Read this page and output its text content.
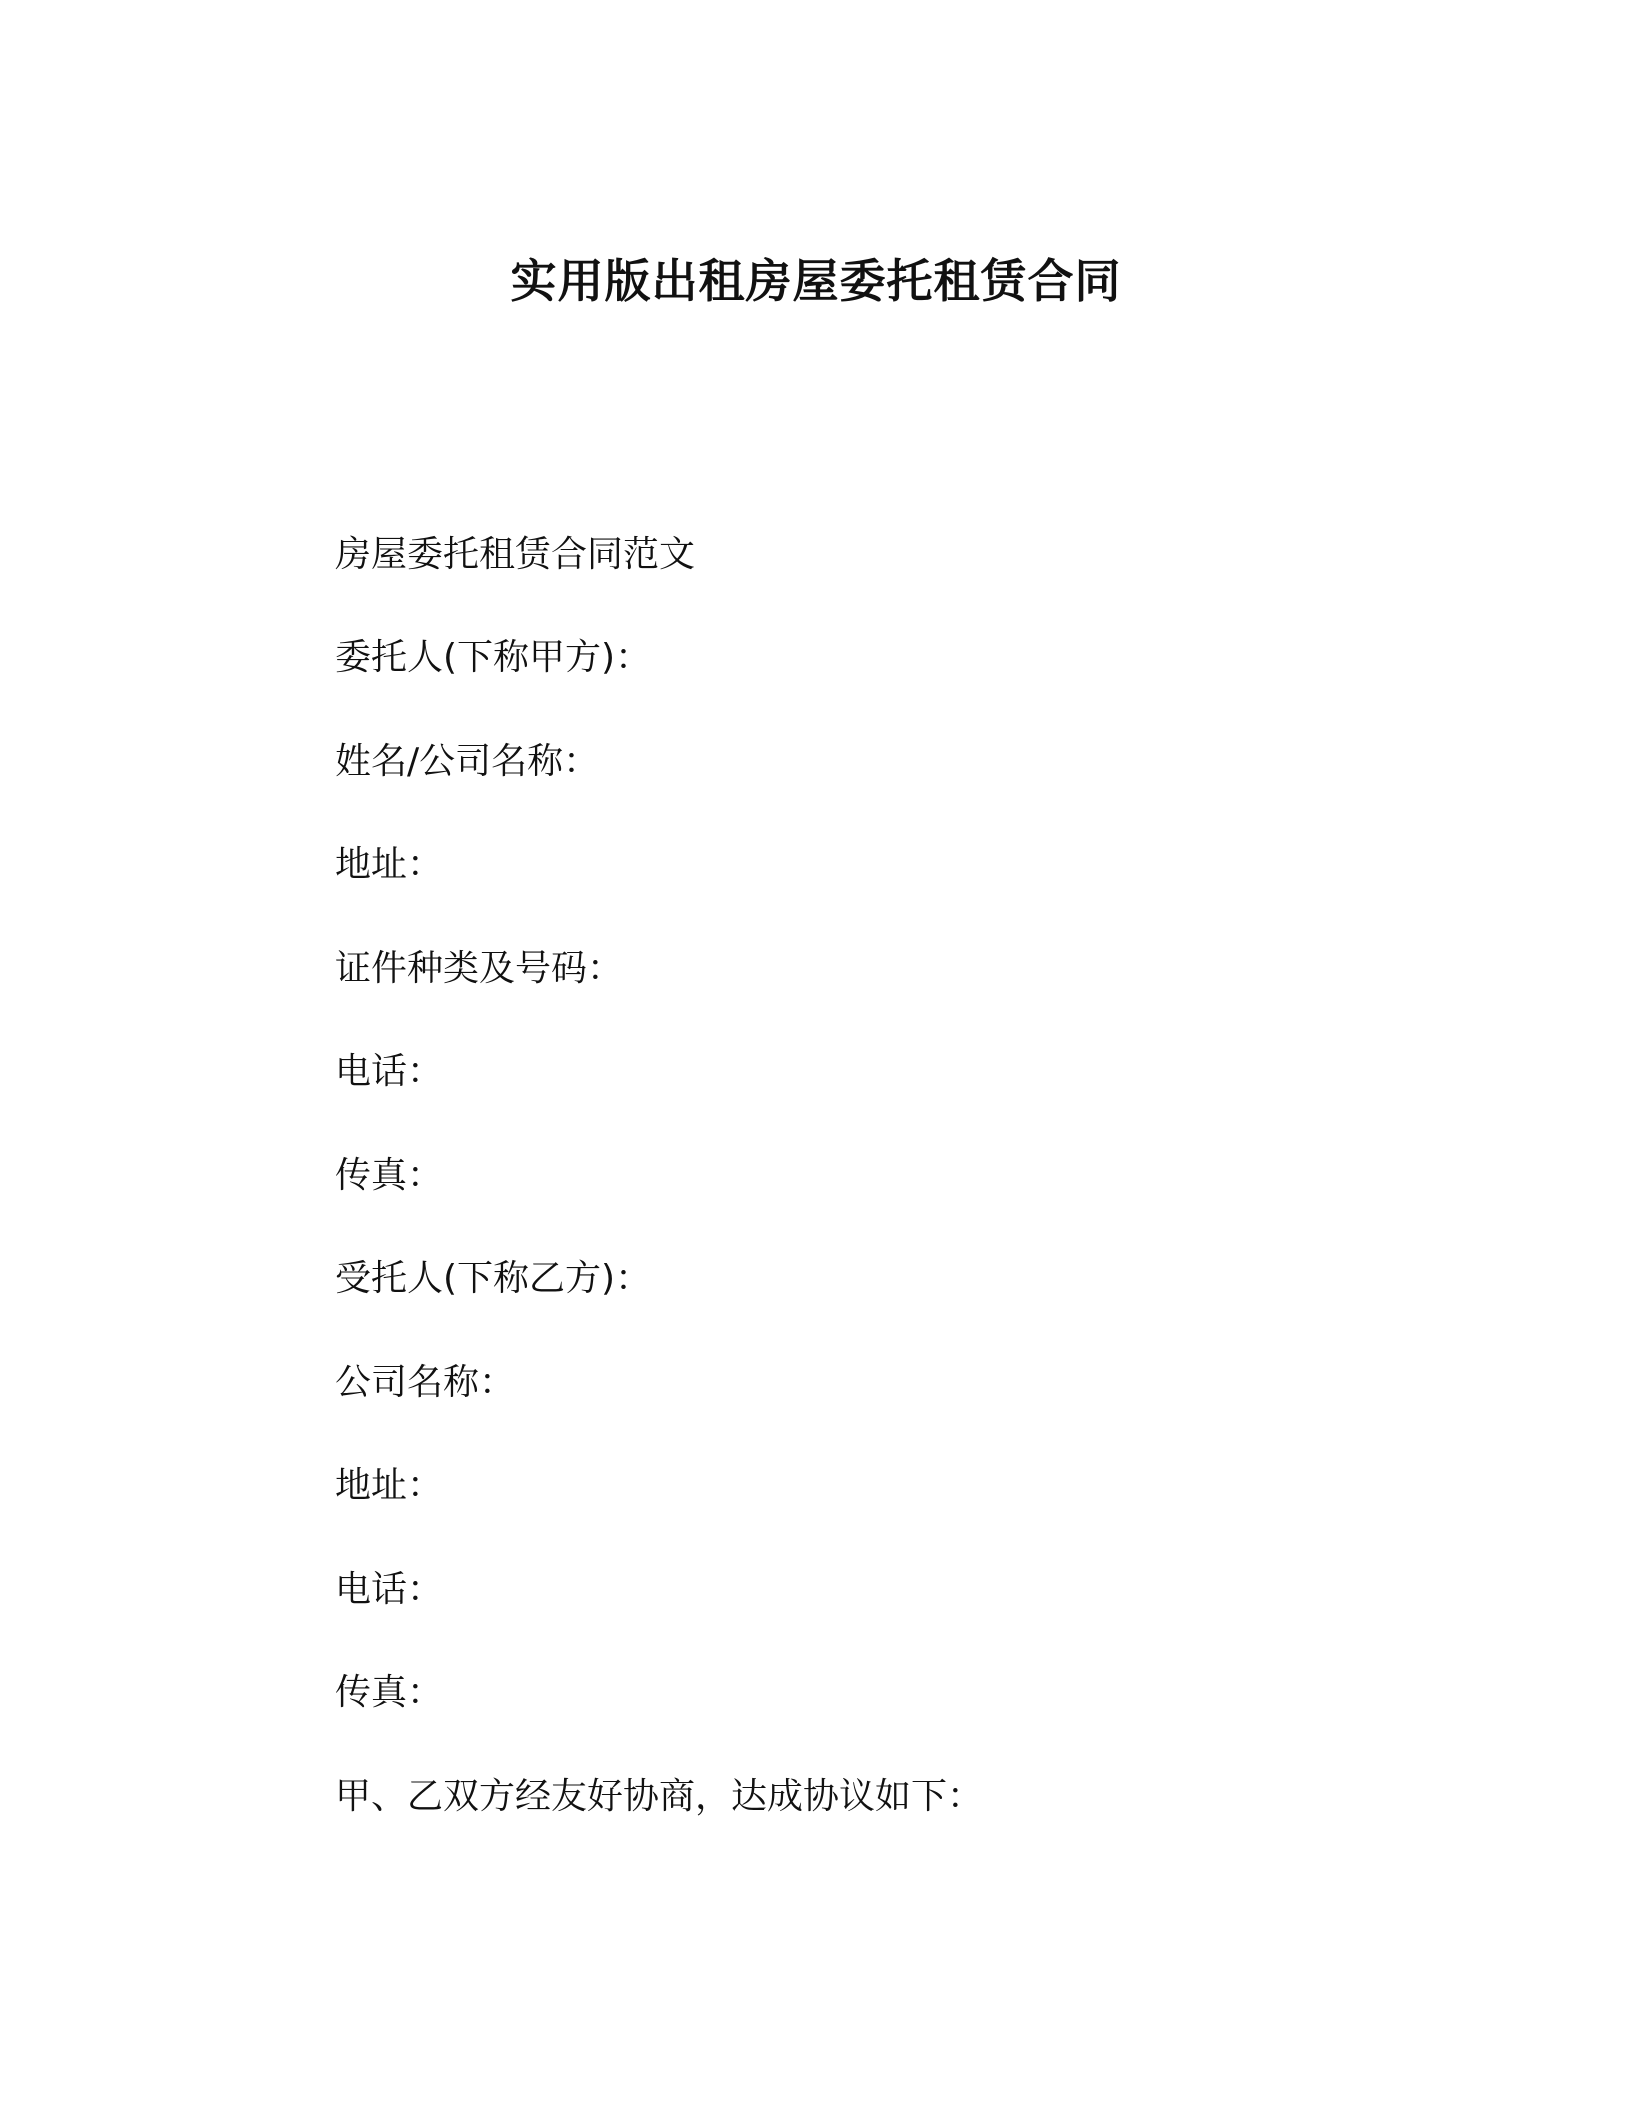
实用版出租房屋委托租赁合同

房屋委托租赁合同范文

委托人(下称甲方)：

姓名/公司名称：

地址：

证件种类及号码：

电话：

传真：

受托人(下称乙方)：

公司名称：

地址：

电话：

传真：

甲、乙双方经友好协商，达成协议如下：
